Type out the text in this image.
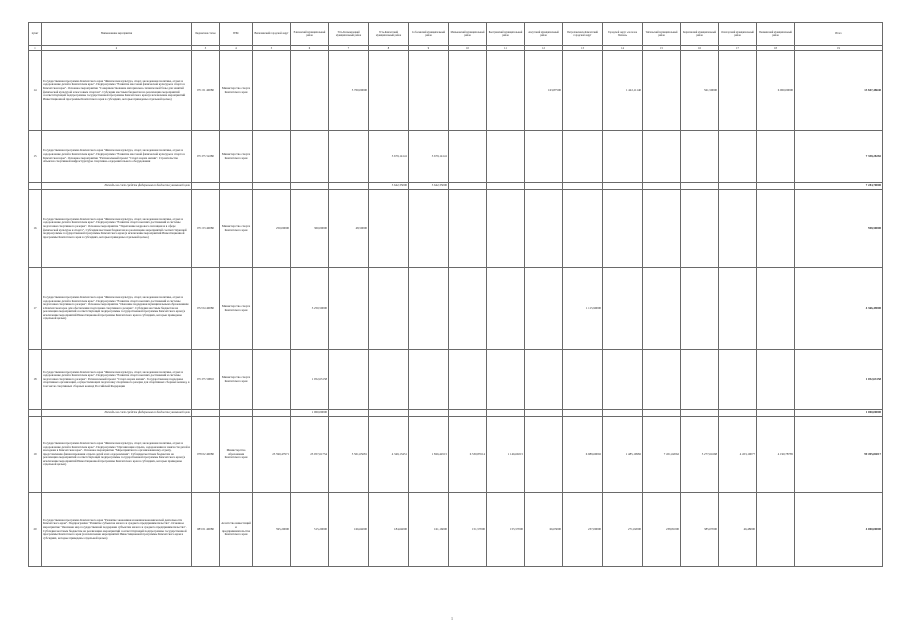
пункт	Наименование мероприятия	Бюджетная статья	ГРБС	Вилючинский городской округ	Елизовский муниципальный район	Усть-Большерецкий муниципальный район	Усть-Камчатский муниципальный район	Соболевский муниципальный район	Мильковский муниципальный район	Быстринский муниципальный район	Алеутский муниципальный район	Петропавловск-Камчатский городской округ	Городской округ «поселок Палана»	Тигильский муниципальный район	Карагинский муниципальный район	Олюторский муниципальный район	Пенжинский муниципальный район	Итого
1	2	3	4	5	6	7	8	9	10	11	12	13	14	15	16	17	18	19
14	Государственная программа Камчатского края "Физическая культура, спорт, молодежная политика, отдых и оздоровление детей в Камчатском крае". Подпрограмма "Развитие массовой физической культуры и спорта в Камчатском крае". Основное мероприятие "Совершенствование материально-технической базы для занятий физической культурой и массовым спортом". Субсидии местным бюджетам на реализацию мероприятий соответствующей подпрограммы государственной программы Камчатского края (в исключение мероприятий Инвестиционной программы Камчатского края в субсидиях, которые приведены отдельной целью)	071 01 40080	Министерство спорта Камчатского края			5 700,00000					163,87500		1 422,11140		561,50000		6 000,00000	13 847,48640
15	Государственная программа Камчатского края "Физическая культура, спорт, молодежная политика, отдых и оздоровление детей в Камчатском крае". Подпрограмма "Развитие массовой физической культуры и спорта в Камчатском крае". Основное мероприятие "Региональный проект "Спорт-норма жизни". Строительство объектов спортивной инфраструктуры спортивно-оздоровительного оборудования	071 P5 52280	Министерство спорта Камчатского края				3 679,14141	3 679,14141										7 358,28282
	Расходы за счет средств федерального бюджета указанной цели						3 642,35000	3 642,35000										7 284,70000
16	Государственная программа Камчатского края "Физическая культура, спорт, молодежная политика, отдых и оздоровление детей в Камчатском крае". Подпрограмма "Развитие спорта высших достижений и системы подготовки спортивного резерва". Основное мероприятие "Укрепление кадрового потенциала в сфере физической культуры и спорта". Субсидии местным бюджетам на реализацию мероприятий соответствующей подпрограммы государственной программы Камчатского края (в исключение мероприятий Инвестиционной программы Камчатского края в субсидиях, которые приведены отдельной целью)	071 03 40080	Министерство спорта Камчатского края	250,00000	300,00000	48,50000												598,50000
17	Государственная программа Камчатского края "Физическая культура, спорт, молодежная политика, отдых и оздоровление детей в Камчатском крае". Подпрограмма "Развитие спорта высших достижений и системы подготовки спортивного резерва". Основное мероприятие "Оказание поддержки муниципальным образованиям в Камчатском крае для обеспечения подготовки спортивного резерва". Субсидии местным бюджетам на реализацию мероприятий соответствующей подпрограммы государственной программы Камчатского края (в исключение мероприятий Инвестиционной программы Камчатского края в субсидиях, которые приведены отдельной целью)	072 04 40080	Министерство спорта Камчатского края		3 250,50000							1 115,99000						4 366,49000
18	Государственная программа Камчатского края "Физическая культура, спорт, молодежная политика, отдых и оздоровление детей в Камчатском крае". Подпрограмма "Развитие спорта высших достижений и системы подготовки спортивного резерва". Региональный проект "Спорт-норма жизни". Государственная поддержка спортивных организаций, осуществляющих подготовку спортивного резерва для спортивных сборных команд, в том числе спортивных сборных команд Российской Федерации	071 P5 50810	Министерство спорта Камчатского края		1 052,63158													1 052,63158
	Расходы за счет средств федерального бюджета указанной цели				1 000,00000													1 000,00000
19	Государственная программа Камчатского края "Физическая культура, спорт, молодежная политика, отдых и оздоровление детей в Камчатском крае". Подпрограмма "Организация отдыха, оздоровления и занятости детей и молодежи в Камчатском крае". Основное мероприятие "Мероприятия по организованному отдыху, представлению финансирования отдыха детей и их оздоровления". Субсидии местным бюджетам на реализацию мероприятий соответствующей подпрограммы государственной программы Камчатского края (в исключение мероприятий Инвестиционной программы Камчатского края в субсидиях, которые приведены отдельной целью)	078 02 40080	Министерство образования Камчатского края	23 590,47971	23 057,61754	5 501,65681	4 349,13451	1 826,44515	6 530,83514	1 146,60215		6 989,69092	1 485,19982	7 451,62062	5 277,61668	4 453,19077	4 190,78785	99 495,84017
20	Государственная программа Камчатского края "Развитие экономики и внешнеэкономической деятельности Камчатского края". Подпрограмма "Развитие субъектов малого и среднего предпринимательства". Основное мероприятие "Оказание мер государственной поддержки субъектам малого и среднего предпринимательства". Субсидии местным бюджетам на реализацию мероприятий соответствующей подпрограммы государственной программы Камчатского края (в исключение мероприятий Инвестиционной программы Камчатского края в субсидиях, которые приведены отдельной целью)	083 01 40080	Агентство инвестиций и предпринимательства Камчатского края	595,20000	515,20000	166,64000	184,64000	161,16000	151,57000	155,57000	66,03000	237,09000	271,02000	238,81000	385,07000	46,48000		4 000,00000
1
